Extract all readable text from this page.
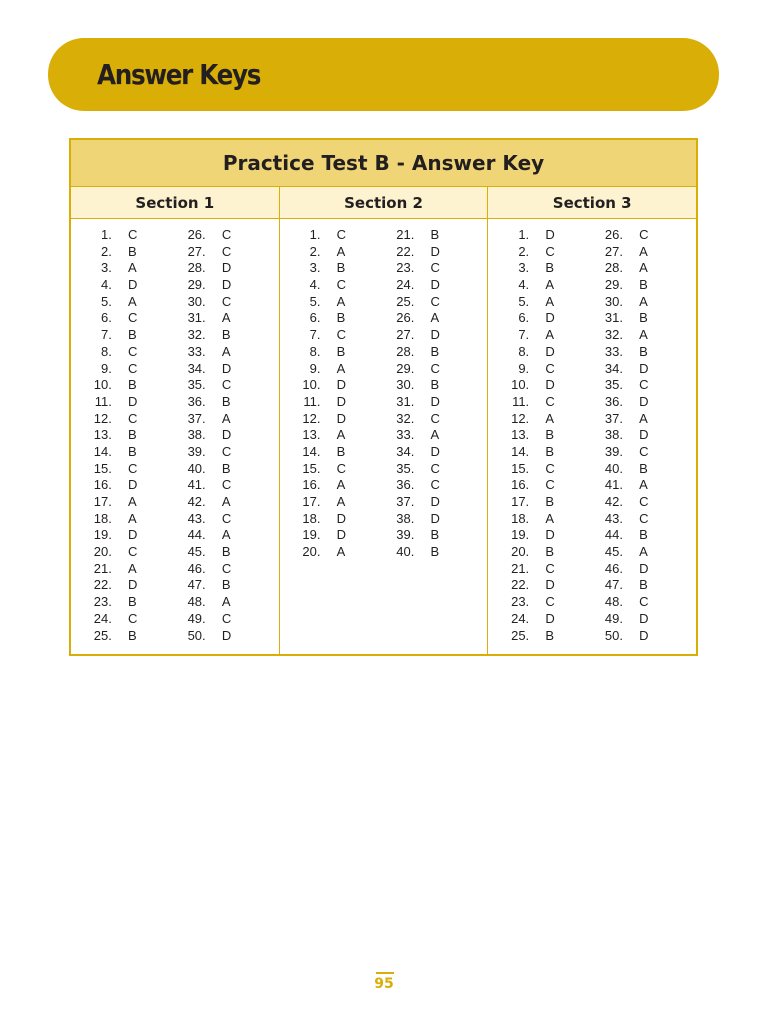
Answer Keys
Practice Test B - Answer Key
Section 1
1. C
2. B
3. A
4. D
5. A
6. C
7. B
8. C
9. C
10. B
11. D
12. C
13. B
14. B
15. C
16. D
17. A
18. A
19. D
20. C
21. A
22. D
23. B
24. C
25. B
26. C
27. C
28. D
29. D
30. C
31. A
32. B
33. A
34. D
35. C
36. B
37. A
38. D
39. C
40. B
41. C
42. A
43. C
44. A
45. B
46. C
47. B
48. A
49. C
50. D
Section 2
1. C
2. A
3. B
4. C
5. A
6. B
7. C
8. B
9. A
10. D
11. D
12. D
13. A
14. B
15. C
16. A
17. A
18. D
19. D
20. A
21. B
22. D
23. C
24. D
25. C
26. A
27. D
28. B
29. C
30. B
31. D
32. C
33. A
34. D
35. C
36. C
37. D
38. D
39. B
40. B
Section 3
1. D
2. C
3. B
4. A
5. A
6. D
7. A
8. D
9. C
10. D
11. C
12. A
13. B
14. B
15. C
16. C
17. B
18. A
19. D
20. B
21. C
22. D
23. C
24. D
25. B
26. C
27. A
28. A
29. B
30. A
31. B
32. A
33. B
34. D
35. C
36. D
37. A
38. D
39. C
40. B
41. A
42. C
43. C
44. B
45. A
46. D
47. B
48. C
49. D
50. D
95
